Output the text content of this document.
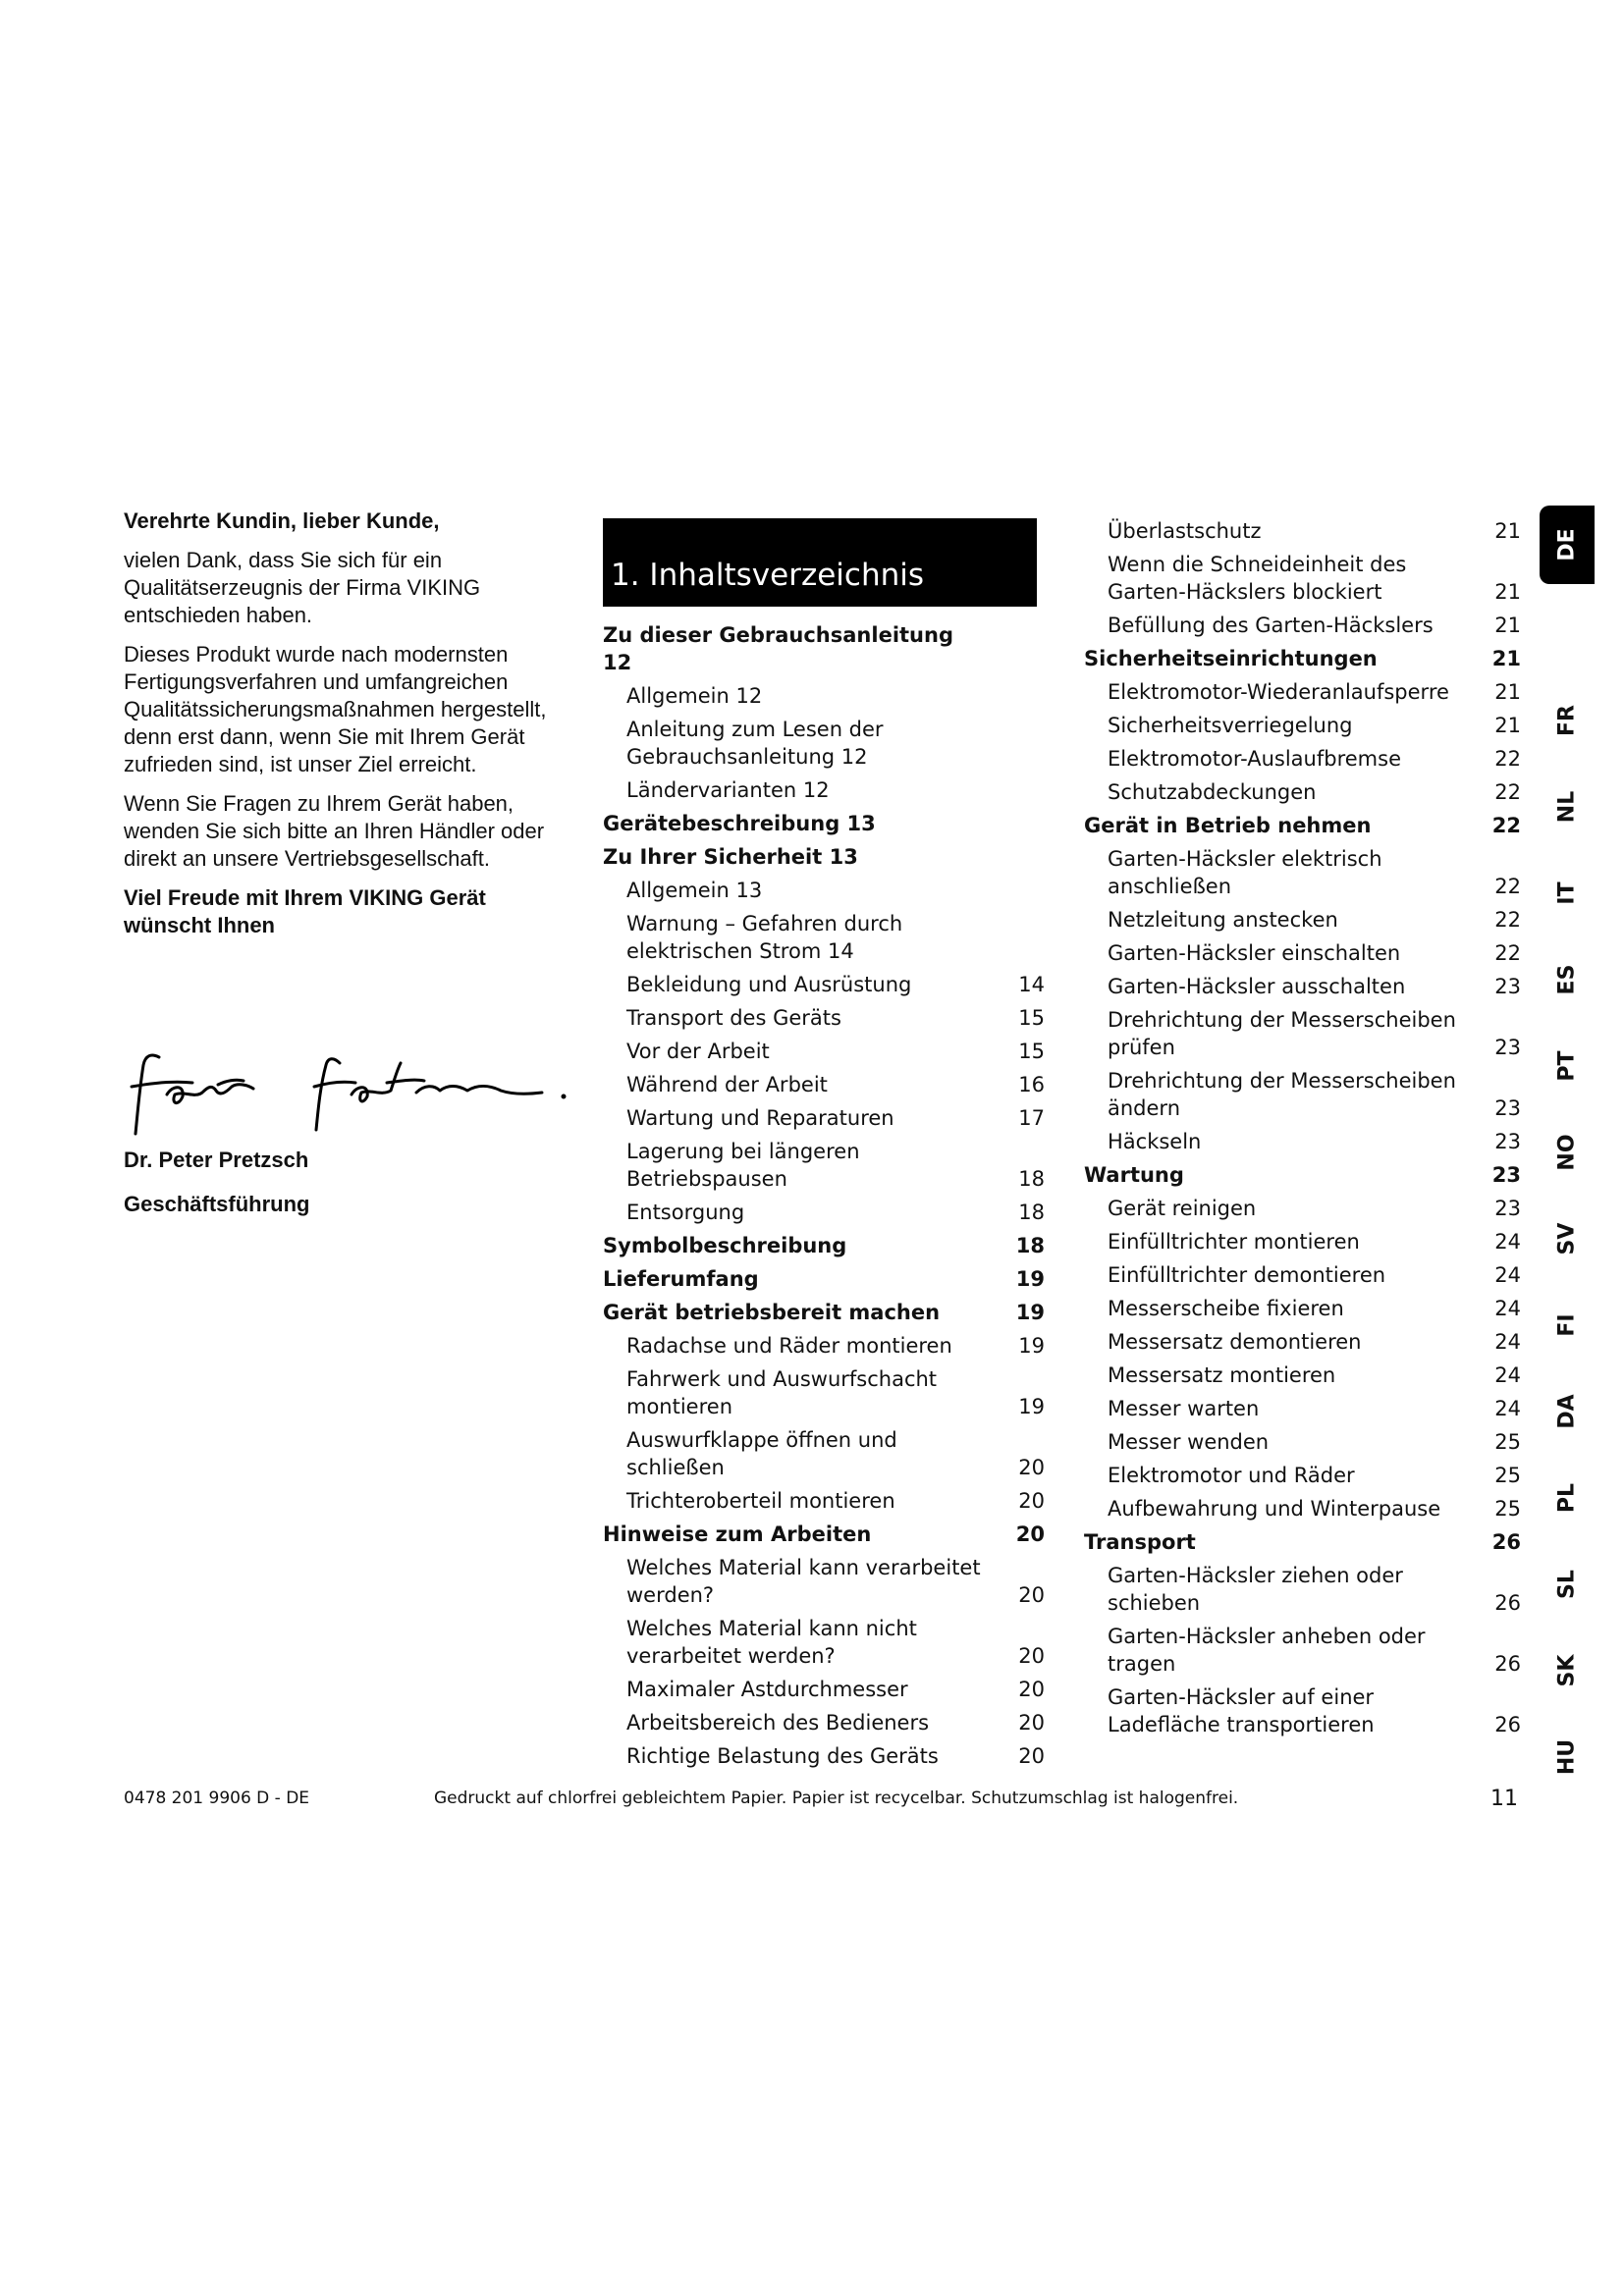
Verehrte Kundin, lieber Kunde,

vielen Dank, dass Sie sich für ein Qualitätserzeugnis der Firma VIKING entschieden haben.

Dieses Produkt wurde nach modernsten Fertigungsverfahren und umfangreichen Qualitätssicherungsmaßnahmen hergestellt, denn erst dann, wenn Sie mit Ihrem Gerät zufrieden sind, ist unser Ziel erreicht.

Wenn Sie Fragen zu Ihrem Gerät haben, wenden Sie sich bitte an Ihren Händler oder direkt an unsere Vertriebsgesellschaft.

Viel Freude mit Ihrem VIKING Gerät wünscht Ihnen

Dr. Peter Pretzsch
Geschäftsführung
1. Inhaltsverzeichnis
Zu dieser Gebrauchsanleitung 12
Allgemein 12
Anleitung zum Lesen der Gebrauchsanleitung 12
Ländervarianten 12
Gerätebeschreibung 13
Zu Ihrer Sicherheit 13
Allgemein 13
Warnung – Gefahren durch elektrischen Strom 14
Bekleidung und Ausrüstung	14
Transport des Geräts	15
Vor der Arbeit	15
Während der Arbeit	16
Wartung und Reparaturen	17
Lagerung bei längeren Betriebspausen	18
Entsorgung	18
Symbolbeschreibung	18
Lieferumfang	19
Gerät betriebsbereit machen	19
Radachse und Räder montieren	19
Fahrwerk und Auswurfschacht montieren	19
Auswurfklappe öffnen und schließen	20
Trichteroberteil montieren	20
Hinweise zum Arbeiten	20
Welches Material kann verarbeitet werden?	20
Welches Material kann nicht verarbeitet werden?	20
Maximaler Astdurchmesser	20
Arbeitsbereich des Bedieners	20
Richtige Belastung des Geräts	20
Überlastschutz	21
Wenn die Schneideinheit des Garten-Häckslers blockiert	21
Befüllung des Garten-Häckslers	21
Sicherheitseinrichtungen	21
Elektromotor-Wiederanlaufsperre	21
Sicherheitsverriegelung	21
Elektromotor-Auslaufbremse	22
Schutzabdeckungen	22
Gerät in Betrieb nehmen	22
Garten-Häcksler elektrisch anschließen	22
Netzleitung anstecken	22
Garten-Häcksler einschalten	22
Garten-Häcksler ausschalten	23
Drehrichtung der Messerscheiben prüfen	23
Drehrichtung der Messerscheiben ändern	23
Häckseln	23
Wartung	23
Gerät reinigen	23
Einfülltrichter montieren	24
Einfülltrichter demontieren	24
Messerscheibe fixieren	24
Messersatz demontieren	24
Messersatz montieren	24
Messer warten	24
Messer wenden	25
Elektromotor und Räder	25
Aufbewahrung und Winterpause	25
Transport	26
Garten-Häcksler ziehen oder schieben	26
Garten-Häcksler anheben oder tragen	26
Garten-Häcksler auf einer Ladefläche transportieren	26
DE
FR
NL
IT
ES
PT
NO
SV
FI
DA
PL
SL
SK
HU
0478 201 9906 D - DE	Gedruckt auf chlorfrei gebleichtem Papier. Papier ist recycelbar. Schutzumschlag ist halogenfrei.	11
